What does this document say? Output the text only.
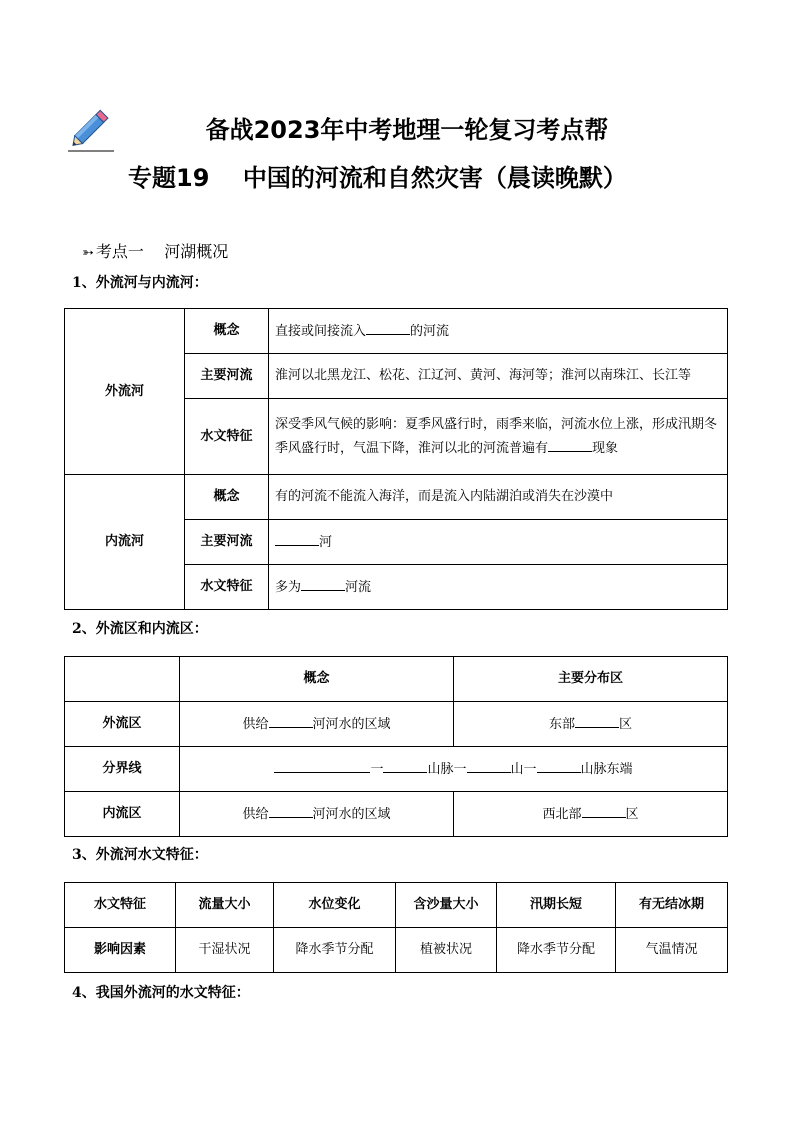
备战2023年中考地理一轮复习考点帮
专题19    中国的河流和自然灾害（晨读晚默）

➳ 考点一    河湖概况

1、外流河与内流河：
外流河	概念	直接或间接流入 的河流
	主要河流	淮河以北黑龙江、松花、江辽河、黄河、海河等；淮河以南珠江、长江等
	水文特征	深受季风气候的影响：夏季风盛行时，雨季来临，河流水位上涨，形成汛期冬季风盛行时，气温下降，淮河以北的河流普遍有 现象
内流河	概念	有的河流不能流入海洋，而是流入内陆湖泊或消失在沙漠中
	主要河流	河
	水文特征	多为 河流
2、外流区和内流区：
	概念	主要分布区
外流区	供给 河河水的区域	东部 区
分界线	一 山脉一 山一 山脉东端	
内流区	供给 河河水的区域	西北部 区
3、外流河水文特征：
水文特征	流量大小	水位变化	含沙量大小	汛期长短	有无结冰期
影响因素	干湿状况	降水季节分配	植被状况	降水季节分配	气温情况
4、我国外流河的水文特征：
